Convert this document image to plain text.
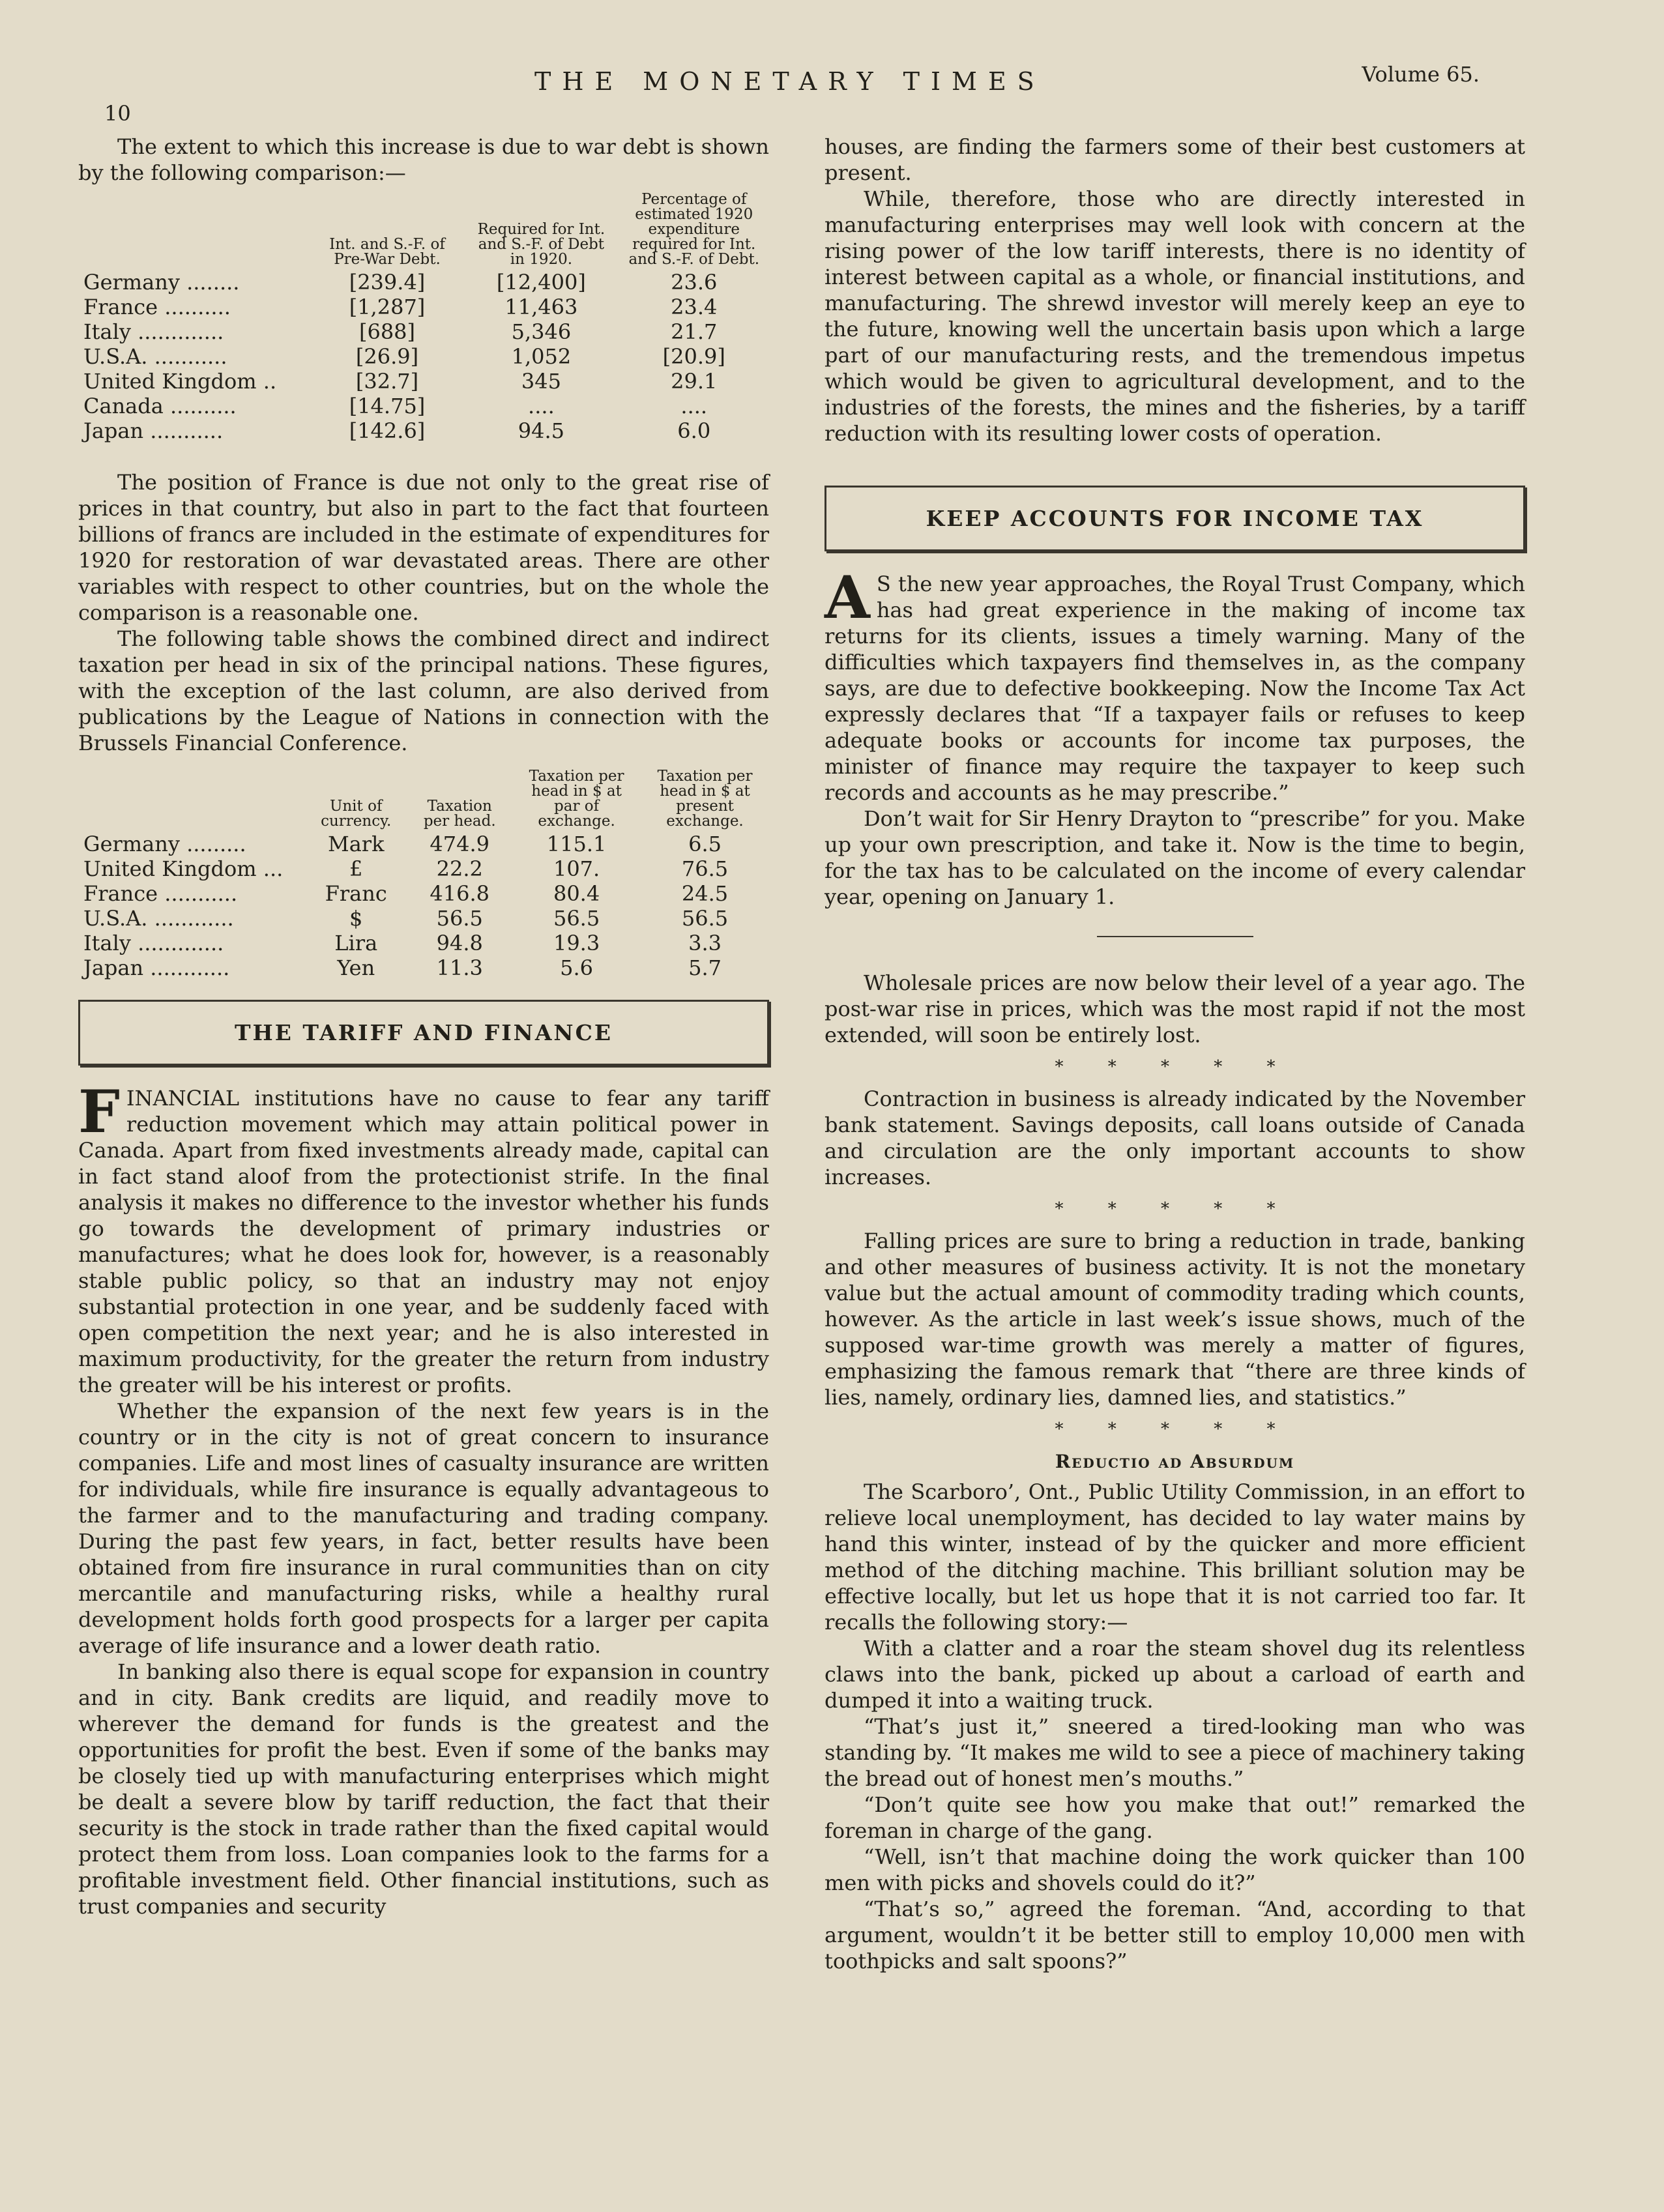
10
THE MONETARY TIMES	Volume 65.

The extent to which this increase is due to war debt is shown by the following comparison:—

	Int. and S.-F. of Pre-War Debt.	Required for Int. and S.-F. of Debt in 1920.	Percentage of estimated 1920 expenditure required for Int. and S.-F. of Debt.
Germany ........	[239.4]	[12,400]	23.6
France ..........	[1,287]	11,463	23.4
Italy .............	[688]	5,346	21.7
U.S.A. ...........	[26.9]	1,052	[20.9]
United Kingdom ..	[32.7]	345	29.1
Canada ..........	[14.75]	....	....
Japan ...........	[142.6]	94.5	6.0

The position of France is due not only to the great rise of prices in that country, but also in part to the fact that fourteen billions of francs are included in the estimate of expenditures for 1920 for restoration of war devastated areas. There are other variables with respect to other countries, but on the whole the comparison is a reasonable one.

The following table shows the combined direct and indirect taxation per head in six of the principal nations. These figures, with the exception of the last column, are also derived from publications by the League of Nations in connection with the Brussels Financial Conference.

	Unit of currency.	Taxation per head.	Taxation per head in $ at par of exchange.	Taxation per head in $ at present exchange.
Germany .........	Mark	474.9	115.1	6.5
United Kingdom ...	£	22.2	107.	76.5
France ...........	Franc	416.8	80.4	24.5
U.S.A. ............	$	56.5	56.5	56.5
Italy .............	Lira	94.8	19.3	3.3
Japan ............	Yen	11.3	5.6	5.7
THE TARIFF AND FINANCE

FINANCIAL institutions have no cause to fear any tariff reduction movement which may attain political power in Canada. Apart from fixed investments already made, capital can in fact stand aloof from the protectionist strife. In the final analysis it makes no difference to the investor whether his funds go towards the development of primary industries or manufactures; what he does look for, however, is a reasonably stable public policy, so that an industry may not enjoy substantial protection in one year, and be suddenly faced with open competition the next year; and he is also interested in maximum productivity, for the greater the return from industry the greater will be his interest or profits.

Whether the expansion of the next few years is in the country or in the city is not of great concern to insurance companies. Life and most lines of casualty insurance are written for individuals, while fire insurance is equally advantageous to the farmer and to the manufacturing and trading company. During the past few years, in fact, better results have been obtained from fire insurance in rural communities than on city mercantile and manufacturing risks, while a healthy rural development holds forth good prospects for a larger per capita average of life insurance and a lower death ratio.

In banking also there is equal scope for expansion in country and in city. Bank credits are liquid, and readily move to wherever the demand for funds is the greatest and the opportunities for profit the best. Even if some of the banks may be closely tied up with manufacturing enterprises which might be dealt a severe blow by tariff reduction, the fact that their security is the stock in trade rather than the fixed capital would protect them from loss. Loan companies look to the farms for a profitable investment field. Other financial institutions, such as trust companies and security

houses, are finding the farmers some of their best customers at present.

While, therefore, those who are directly interested in manufacturing enterprises may well look with concern at the rising power of the low tariff interests, there is no identity of interest between capital as a whole, or financial institutions, and manufacturing. The shrewd investor will merely keep an eye to the future, knowing well the uncertain basis upon which a large part of our manufacturing rests, and the tremendous impetus which would be given to agricultural development, and to the industries of the forests, the mines and the fisheries, by a tariff reduction with its resulting lower costs of operation.

KEEP ACCOUNTS FOR INCOME TAX

A S the new year approaches, the Royal Trust Company, which has had great experience in the making of income tax returns for its clients, issues a timely warning. Many of the difficulties which taxpayers find themselves in, as the company says, are due to defective bookkeeping. Now the Income Tax Act expressly declares that “If a taxpayer fails or refuses to keep adequate books or accounts for income tax purposes, the minister of finance may require the taxpayer to keep such records and accounts as he may prescribe.”

Don’t wait for Sir Henry Drayton to “prescribe” for you. Make up your own prescription, and take it. Now is the time to begin, for the tax has to be calculated on the income of every calendar year, opening on January 1.

Wholesale prices are now below their level of a year ago. The post-war rise in prices, which was the most rapid if not the most extended, will soon be entirely lost.

* * * * *

Contraction in business is already indicated by the November bank statement. Savings deposits, call loans outside of Canada and circulation are the only important accounts to show increases.

* * * * *

Falling prices are sure to bring a reduction in trade, banking and other measures of business activity. It is not the monetary value but the actual amount of commodity trading which counts, however. As the article in last week’s issue shows, much of the supposed war-time growth was merely a matter of figures, emphasizing the famous remark that “there are three kinds of lies, namely, ordinary lies, damned lies, and statistics.”

* * * * *
Reductio ad Absurdum

The Scarboro’, Ont., Public Utility Commission, in an effort to relieve local unemployment, has decided to lay water mains by hand this winter, instead of by the quicker and more efficient method of the ditching machine. This brilliant solution may be effective locally, but let us hope that it is not carried too far. It recalls the following story:—

With a clatter and a roar the steam shovel dug its relentless claws into the bank, picked up about a carload of earth and dumped it into a waiting truck.

“That’s just it,” sneered a tired-looking man who was standing by. “It makes me wild to see a piece of machinery taking the bread out of honest men’s mouths.”

“Don’t quite see how you make that out!” remarked the foreman in charge of the gang.

“Well, isn’t that machine doing the work quicker than 100 men with picks and shovels could do it?”

“That’s so,” agreed the foreman. “And, according to that argument, wouldn’t it be better still to employ 10,000 men with toothpicks and salt spoons?”
